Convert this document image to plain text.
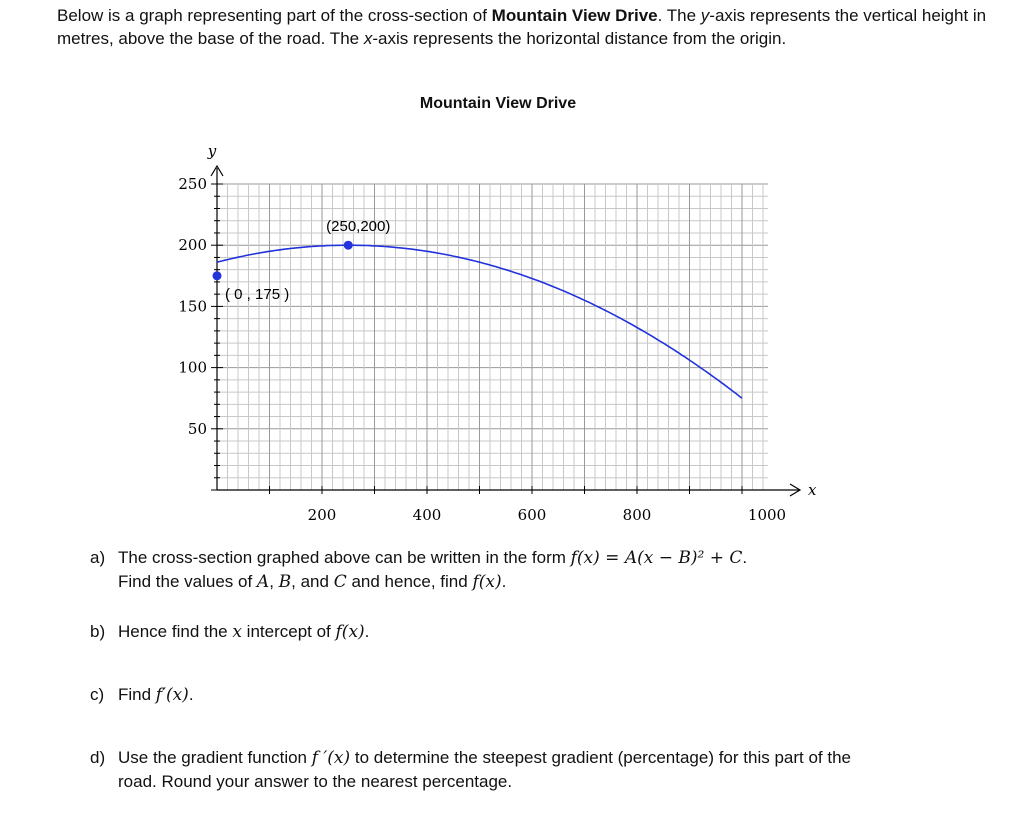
Below is a graph representing part of the cross-section of Mountain View Drive. The y-axis represents the vertical height in metres, above the base of the road. The x-axis represents the horizontal distance from the origin.
Mountain View Drive
y
x
50
100
150
200
250
200	400	600	800	1000
( 0 , 175 )
(250,200)
a) The cross-section graphed above can be written in the form f(x) = A(x − B)² + C.
Find the values of A, B, and C and hence, find f(x).
b) Hence find the x intercept of f(x).
c) Find f′(x).
d) Use the gradient function f ′(x) to determine the steepest gradient (percentage) for this part of the
road. Round your answer to the nearest percentage.
